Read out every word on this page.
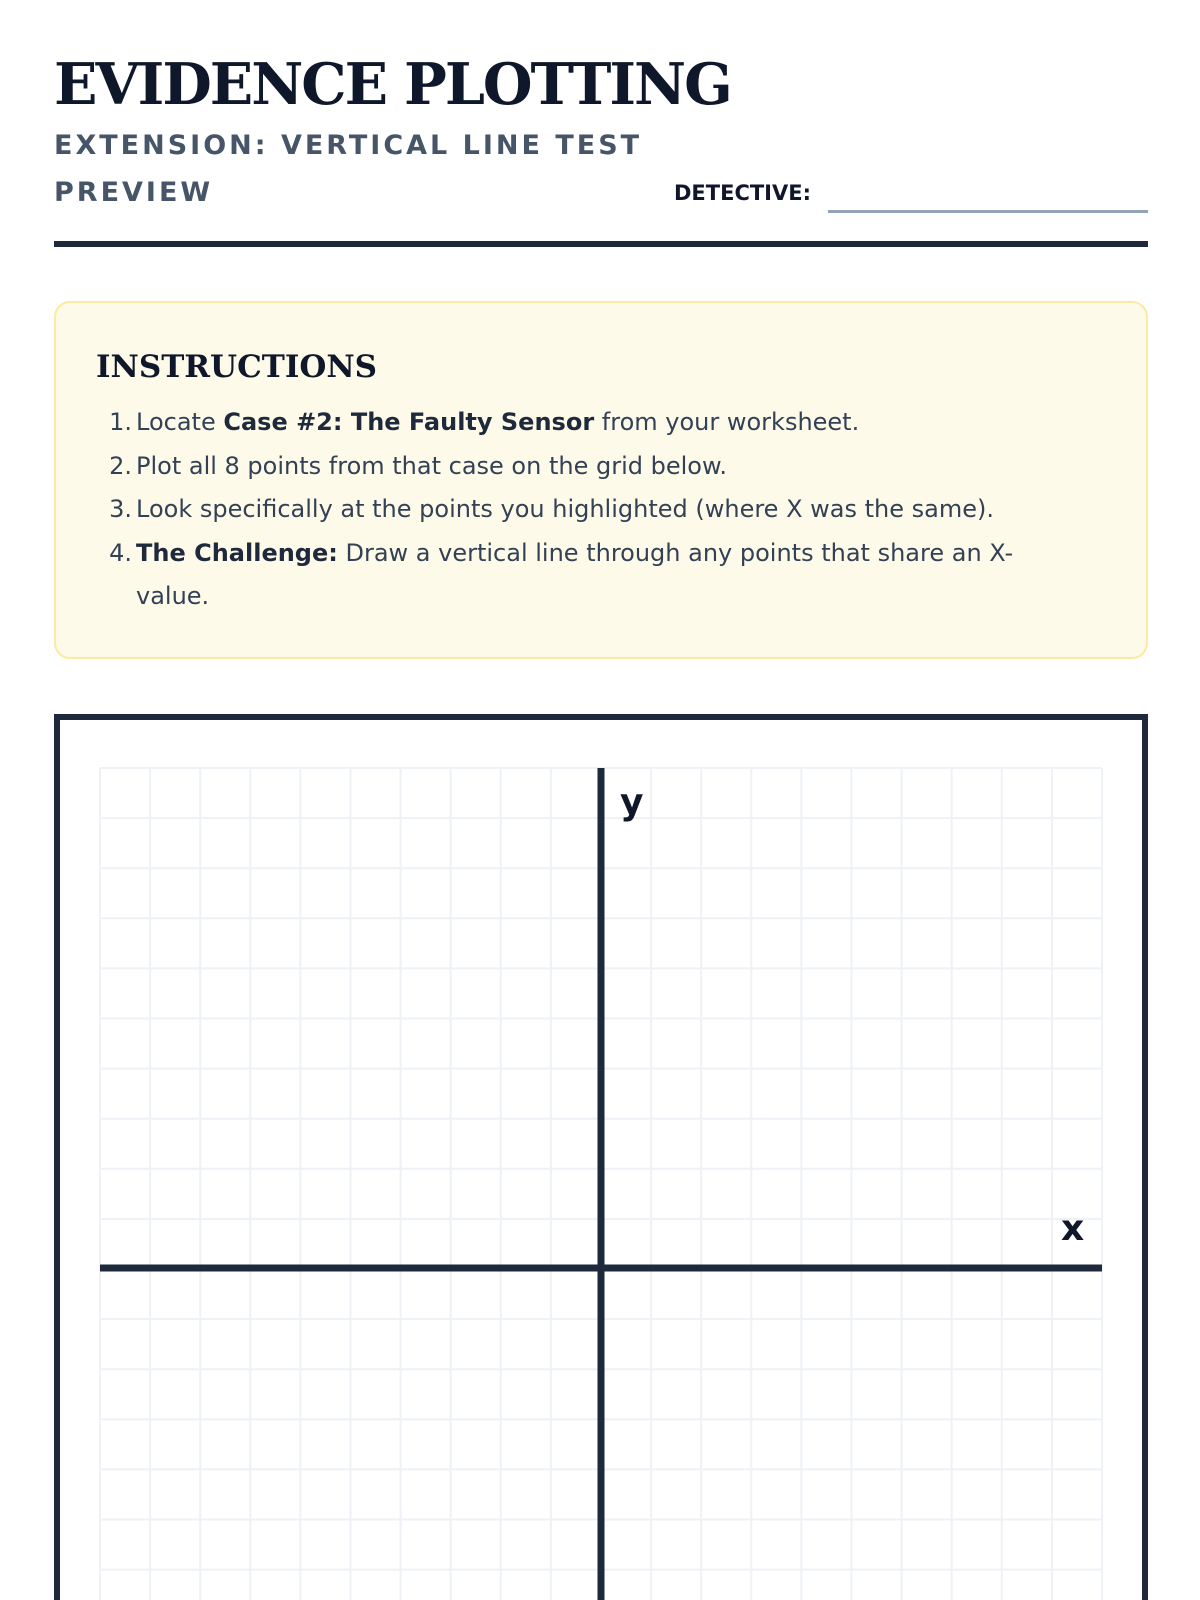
EVIDENCE PLOTTING
EXTENSION: VERTICAL LINE TEST PREVIEW	DETECTIVE:
INSTRUCTIONS
1. Locate Case #2: The Faulty Sensor from your worksheet.
2. Plot all 8 points from that case on the grid below.
3. Look specifically at the points you highlighted (where X was the same).
4. The Challenge: Draw a vertical line through any points that share an X-value.
y
x
